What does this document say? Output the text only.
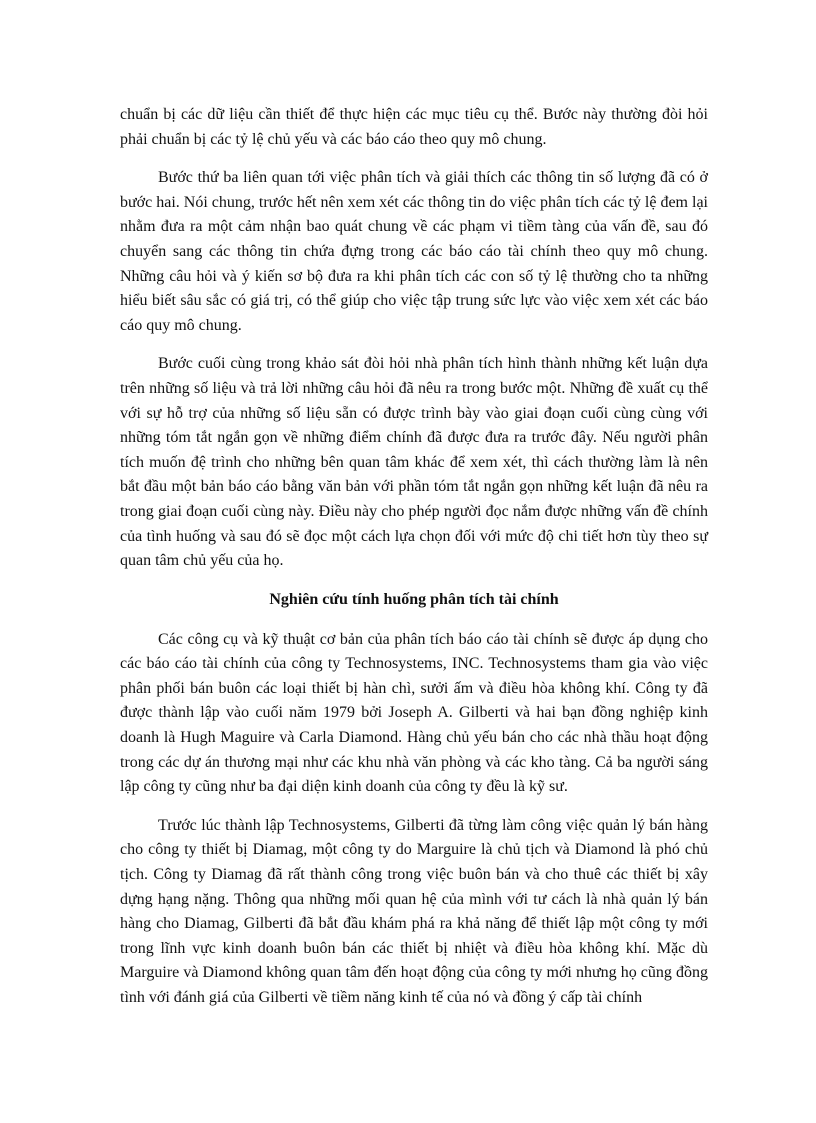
chuẩn bị các dữ liệu cần thiết để thực hiện các mục tiêu cụ thể. Bước này thường đòi hỏi phải chuẩn bị các tỷ lệ chủ yếu và các báo cáo theo quy mô chung.

Bước thứ ba liên quan tới việc phân tích và giải thích các thông tin số lượng đã có ở bước hai. Nói chung, trước hết nên xem xét các thông tin do việc phân tích các tỷ lệ đem lại nhằm đưa ra một cảm nhận bao quát chung về các phạm vi tiềm tàng của vấn đề, sau đó chuyển sang các thông tin chứa đựng trong các báo cáo tài chính theo quy mô chung. Những câu hỏi và ý kiến sơ bộ đưa ra khi phân tích các con số tỷ lệ thường cho ta những hiểu biết sâu sắc có giá trị, có thể giúp cho việc tập trung sức lực vào việc xem xét các báo cáo quy mô chung.

Bước cuối cùng trong khảo sát đòi hỏi nhà phân tích hình thành những kết luận dựa trên những số liệu và trả lời những câu hỏi đã nêu ra trong bước một. Những đề xuất cụ thể với sự hỗ trợ của những số liệu sẵn có được trình bày vào giai đoạn cuối cùng cùng với những tóm tắt ngắn gọn về những điểm chính đã được đưa ra trước đây. Nếu người phân tích muốn đệ trình cho những bên quan tâm khác để xem xét, thì cách thường làm là nên bắt đầu một bản báo cáo bằng văn bản với phần tóm tắt ngắn gọn những kết luận đã nêu ra trong giai đoạn cuối cùng này. Điều này cho phép người đọc nắm được những vấn đề chính của tình huống và sau đó sẽ đọc một cách lựa chọn đối với mức độ chi tiết hơn tùy theo sự quan tâm chủ yếu của họ.

Nghiên cứu tính huống phân tích tài chính

Các công cụ và kỹ thuật cơ bản của phân tích báo cáo tài chính sẽ được áp dụng cho các báo cáo tài chính của công ty Technosystems, INC. Technosystems tham gia vào việc phân phối bán buôn các loại thiết bị hàn chì, sưởi ấm và điều hòa không khí. Công ty đã được thành lập vào cuối năm 1979 bởi Joseph A. Gilberti và hai bạn đồng nghiệp kinh doanh là Hugh Maguire và Carla Diamond. Hàng chủ yếu bán cho các nhà thầu hoạt động trong các dự án thương mại như các khu nhà văn phòng và các kho tàng. Cả ba người sáng lập công ty cũng như ba đại diện kinh doanh của công ty đều là kỹ sư.

Trước lúc thành lập Technosystems, Gilberti đã từng làm công việc quản lý bán hàng cho công ty thiết bị Diamag, một công ty do Marguire là chủ tịch và Diamond là phó chủ tịch. Công ty Diamag đã rất thành công trong việc buôn bán và cho thuê các thiết bị xây dựng hạng nặng. Thông qua những mối quan hệ của mình với tư cách là nhà quản lý bán hàng cho Diamag, Gilberti đã bắt đầu khám phá ra khả năng để thiết lập một công ty mới trong lĩnh vực kinh doanh buôn bán các thiết bị nhiệt và điều hòa không khí. Mặc dù Marguire và Diamond không quan tâm đến hoạt động của công ty mới nhưng họ cũng đồng tình với đánh giá của Gilberti về tiềm năng kinh tế của nó và đồng ý cấp tài chính
